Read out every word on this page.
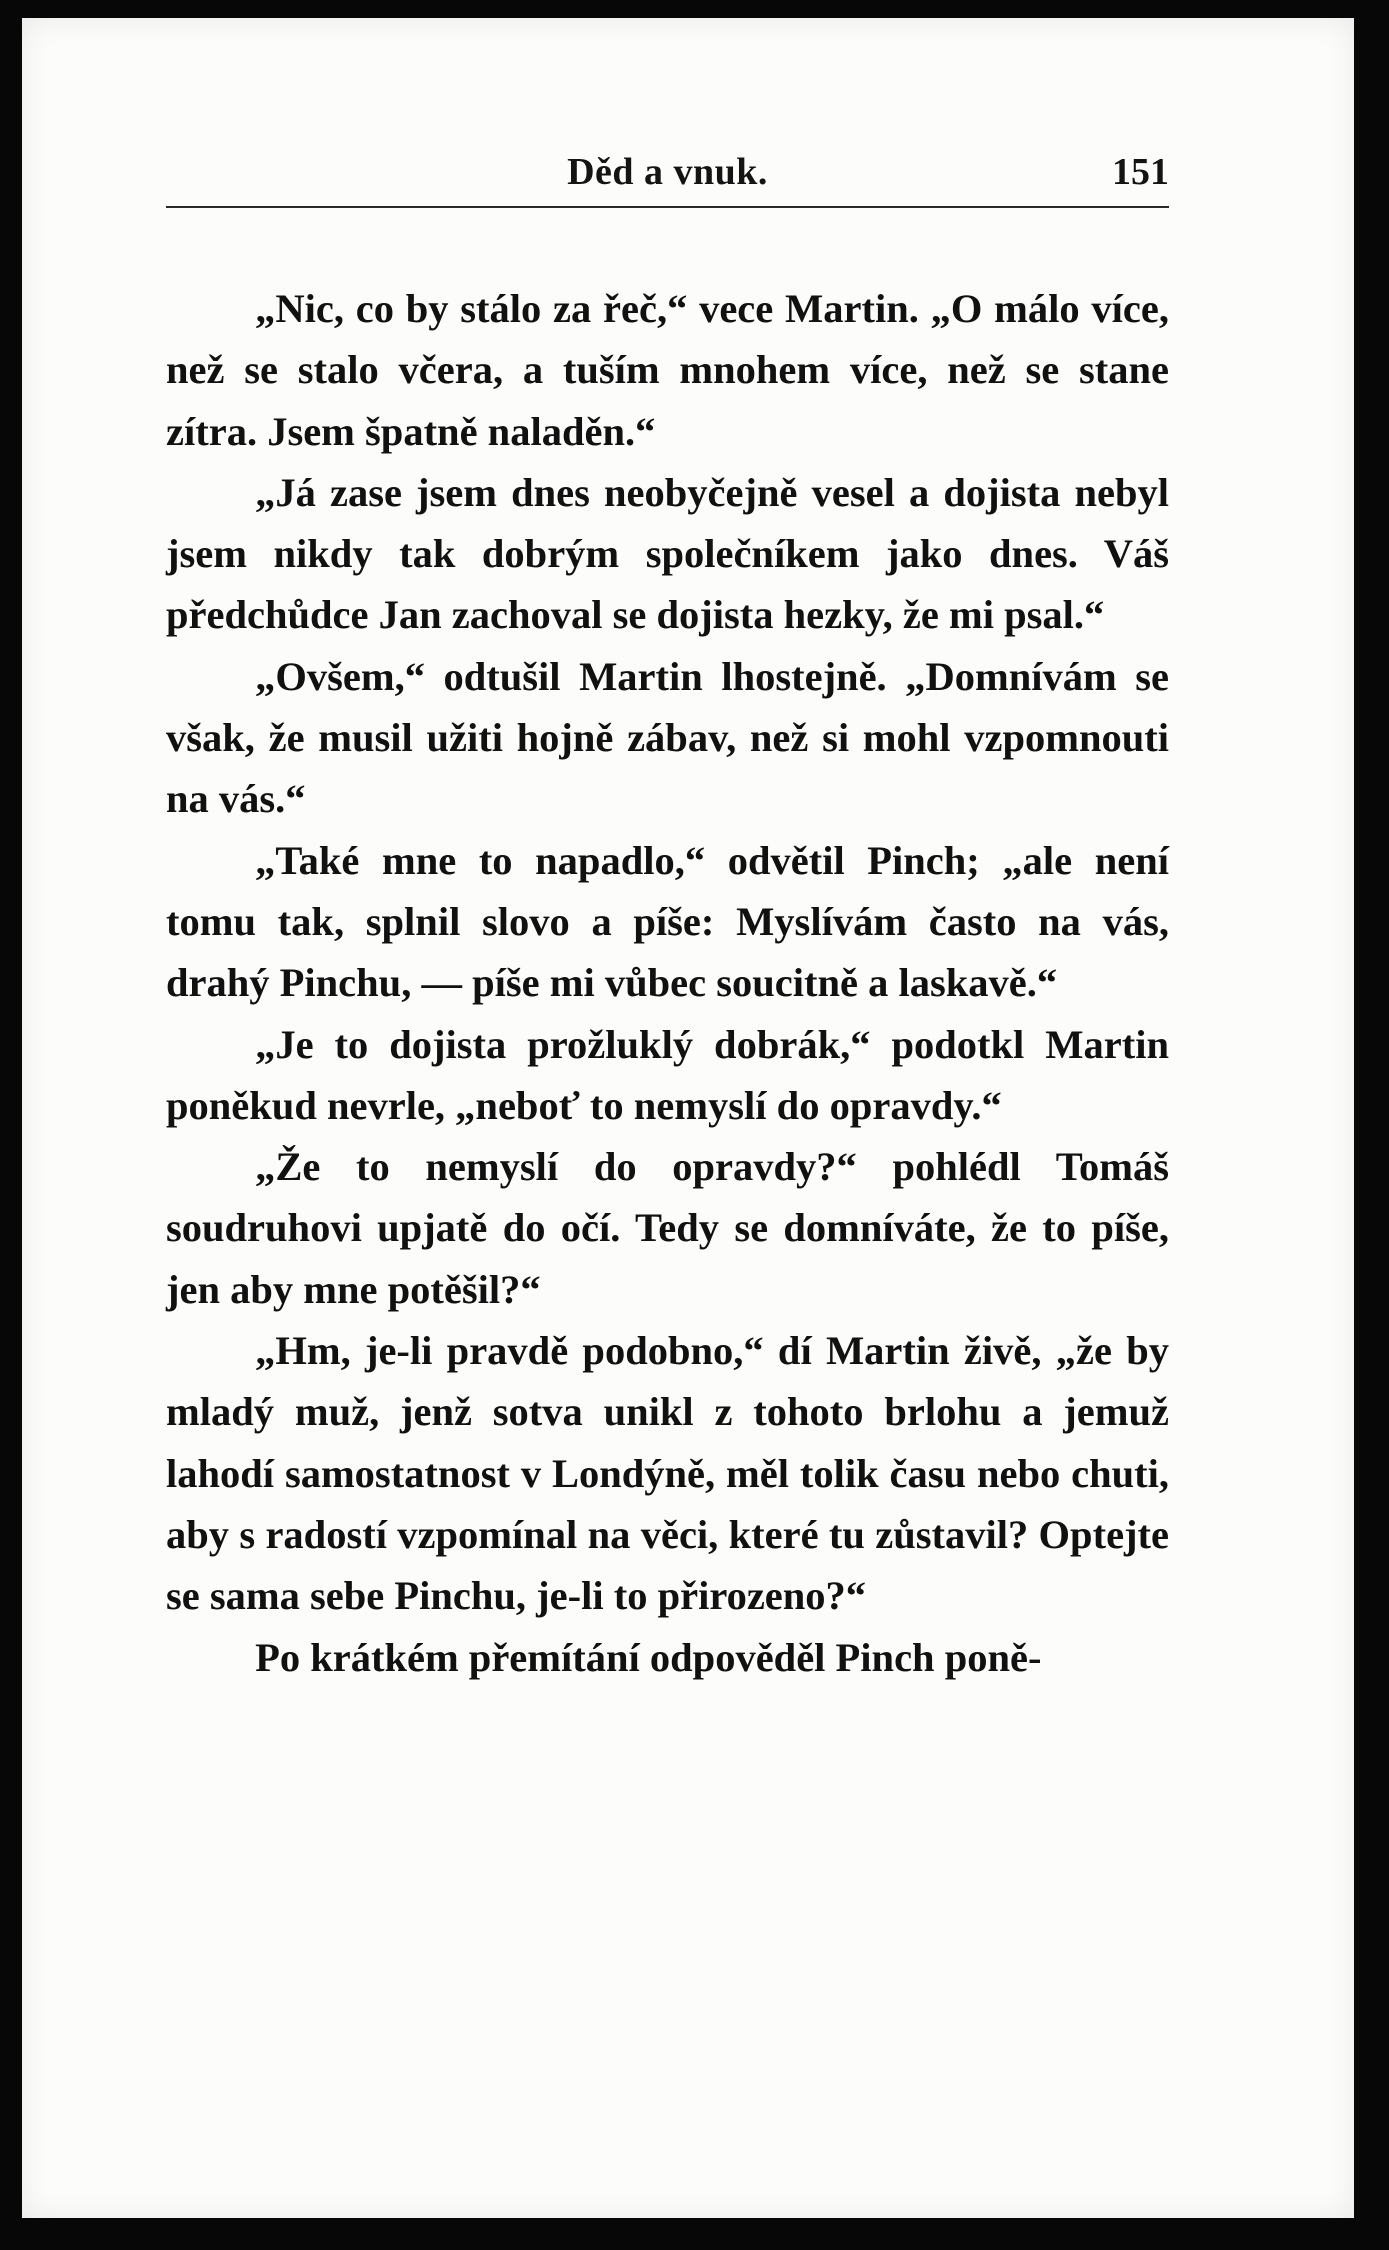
Děd a vnuk.	151

„Nic, co by stálo za řeč,“ vece Martin. „O málo více, než se stalo včera, a tuším mnohem více, než se stane zítra. Jsem špatně naladěn.“

„Já zase jsem dnes neobyčejně vesel a dojista nebyl jsem nikdy tak dobrým společníkem jako dnes. Váš předchůdce Jan zachoval se dojista hezky, že mi psal.“

„Ovšem,“ odtušil Martin lhostejně. „Domnívám se však, že musil užiti hojně zábav, než si mohl vzpomnouti na vás.“

„Také mne to napadlo,“ odvětil Pinch; „ale není tomu tak, splnil slovo a píše: Myslívám často na vás, drahý Pinchu, — píše mi vůbec soucitně a laskavě.“

„Je to dojista prožluklý dobrák,“ podotkl Martin poněkud nevrle, „neboť to nemyslí do opravdy.“

„Že to nemyslí do opravdy?“ pohlédl Tomáš soudruhovi upjatě do očí. Tedy se domníváte, že to píše, jen aby mne potěšil?“

„Hm, je-li pravdě podobno,“ dí Martin živě, „že by mladý muž, jenž sotva unikl z tohoto brlohu a jemuž lahodí samostatnost v Londýně, měl tolik času nebo chuti, aby s radostí vzpomínal na věci, které tu zůstavil? Optejte se sama sebe Pinchu, je-li to přirozeno?“

Po krátkém přemítání odpověděl Pinch poně-
